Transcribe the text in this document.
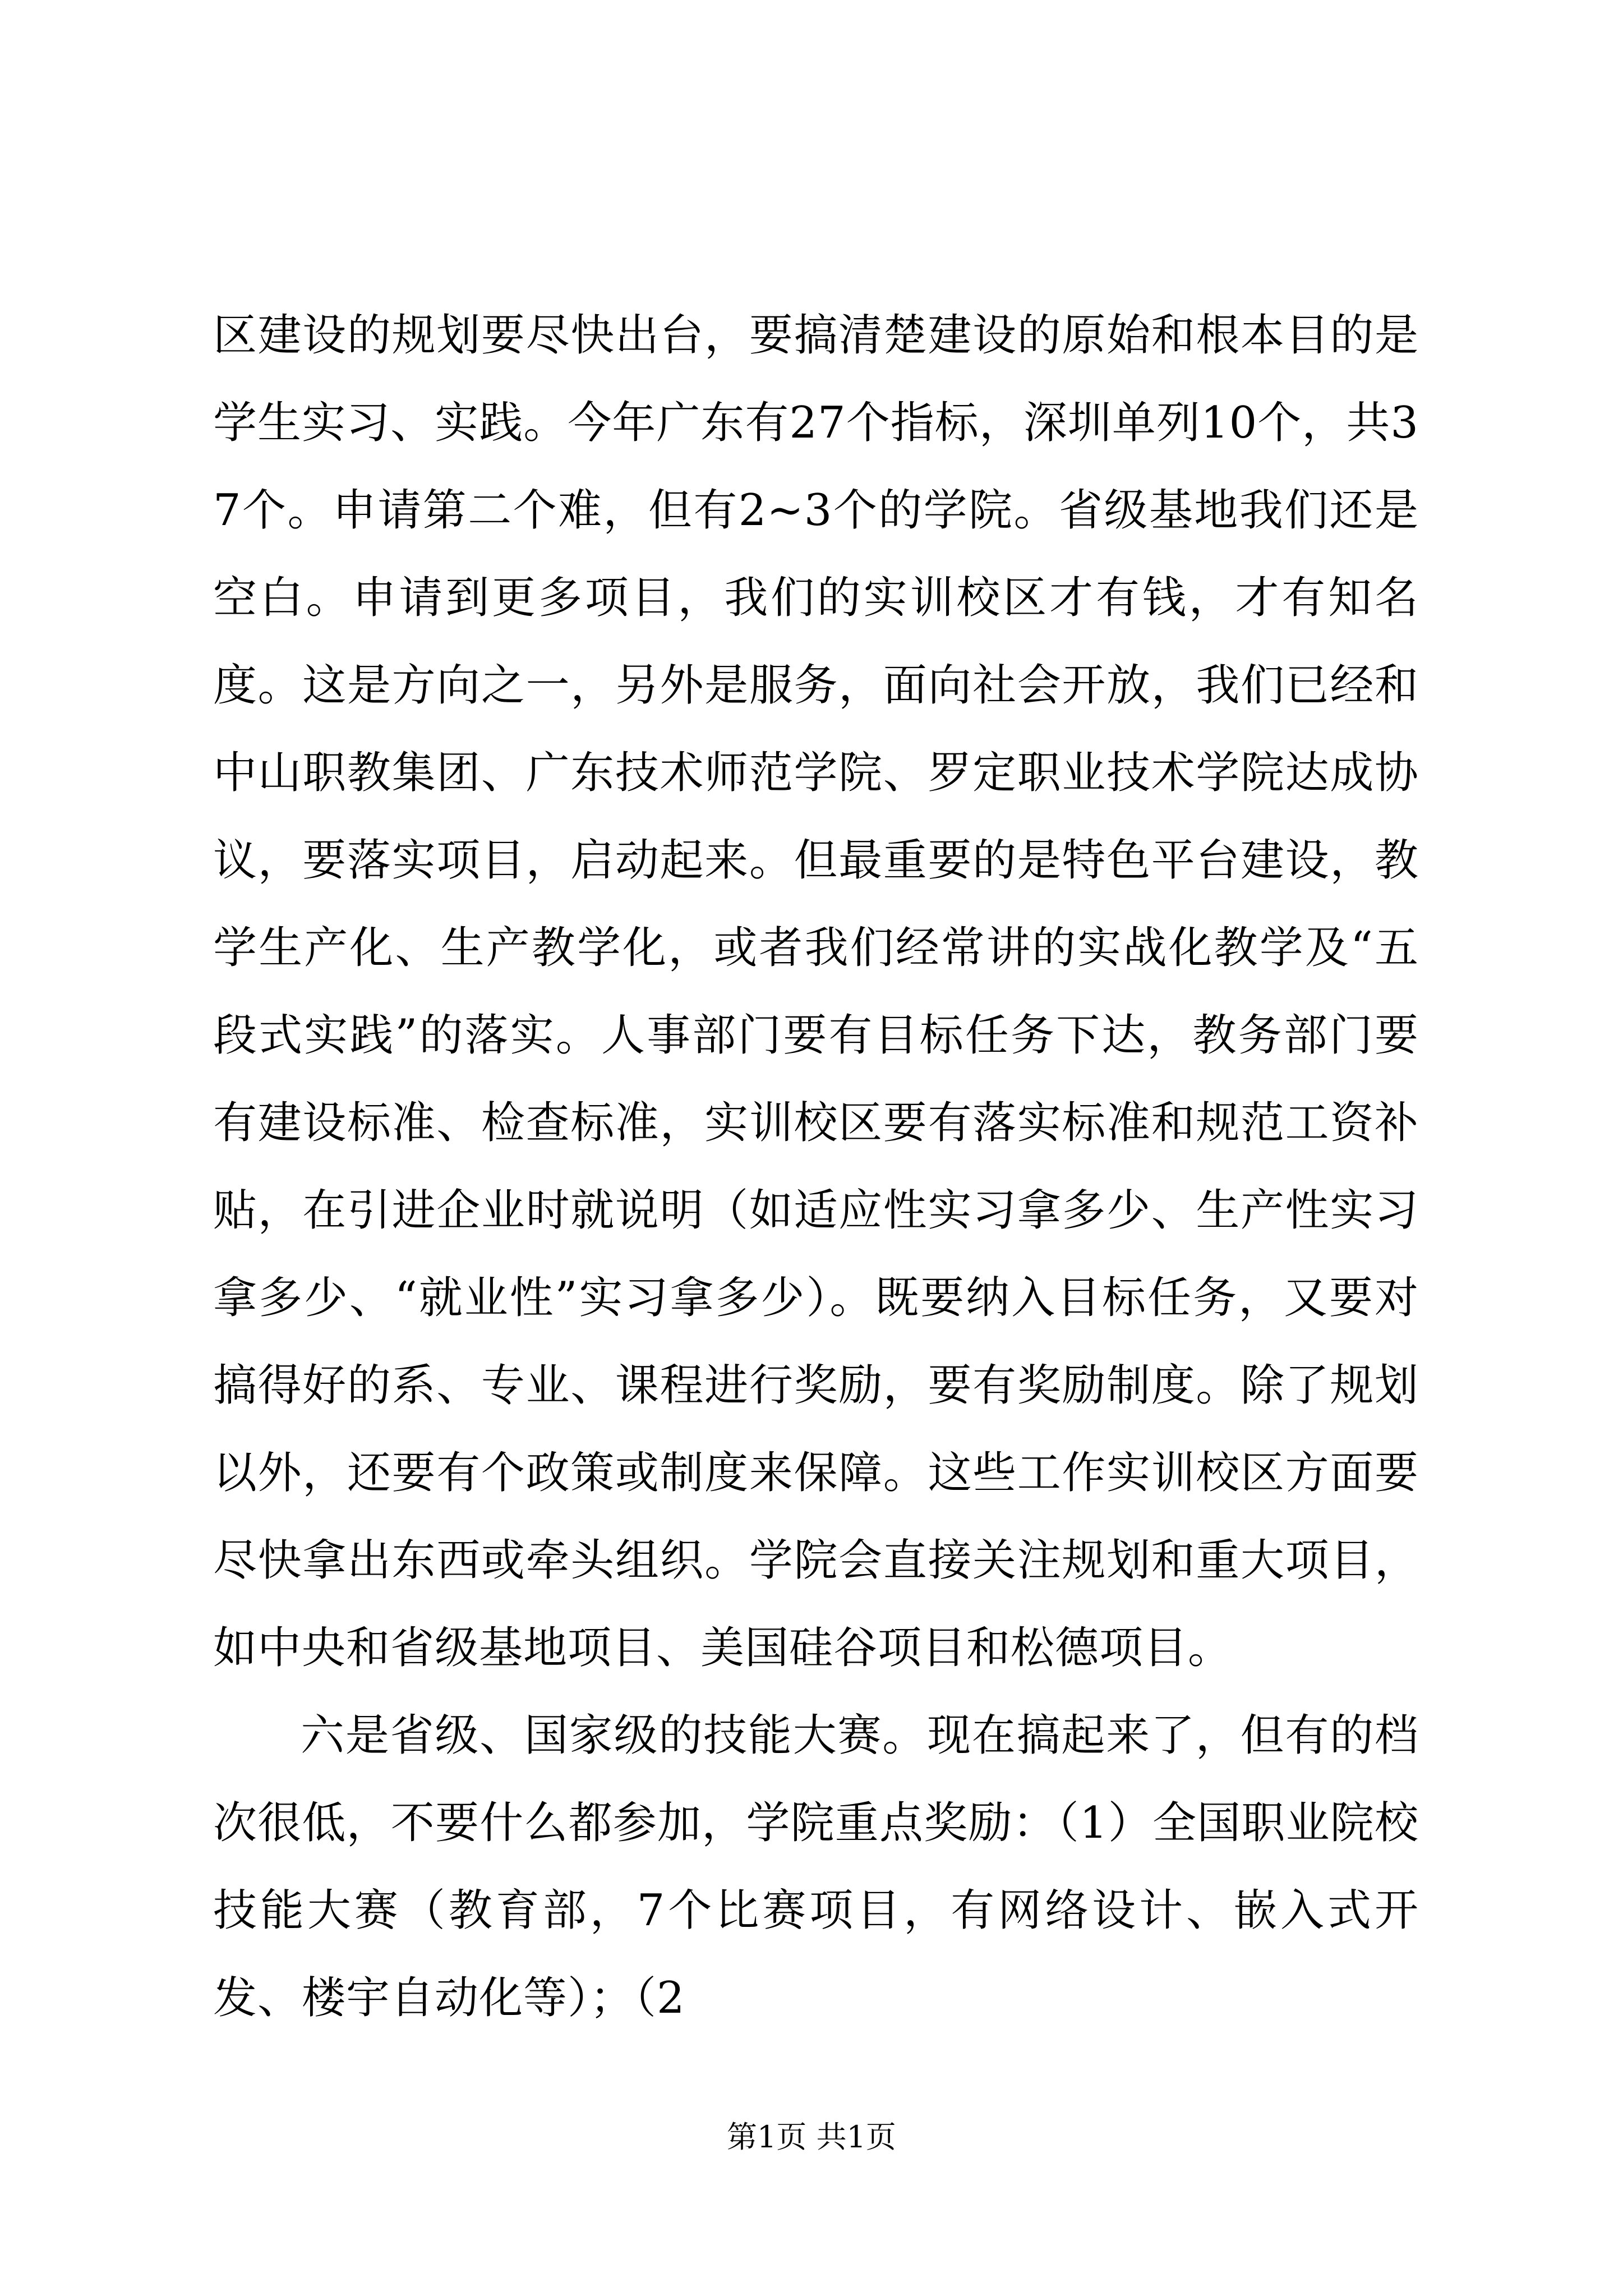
区建设的规划要尽快出台，要搞清楚建设的原始和根本目的是学生实习、实践。今年广东有27个指标，深圳单列10个，共37个。申请第二个难，但有2~3个的学院。省级基地我们还是空白。申请到更多项目，我们的实训校区才有钱，才有知名度。这是方向之一，另外是服务，面向社会开放，我们已经和中山职教集团、广东技术师范学院、罗定职业技术学院达成协议，要落实项目，启动起来。但最重要的是特色平台建设，教学生产化、生产教学化，或者我们经常讲的实战化教学及“五段式实践”的落实。人事部门要有目标任务下达，教务部门要有建设标准、检查标准，实训校区要有落实标准和规范工资补贴，在引进企业时就说明（如适应性实习拿多少、生产性实习拿多少、“就业性”实习拿多少）。既要纳入目标任务，又要对搞得好的系、专业、课程进行奖励，要有奖励制度。除了规划以外，还要有个政策或制度来保障。这些工作实训校区方面要尽快拿出东西或牵头组织。学院会直接关注规划和重大项目，如中央和省级基地项目、美国硅谷项目和松德项目。

六是省级、国家级的技能大赛。现在搞起来了，但有的档次很低，不要什么都参加，学院重点奖励：（1）全国职业院校技能大赛（教育部，7个比赛项目，有网络设计、嵌入式开发、楼宇自动化等）；（2

第1页 共1页
